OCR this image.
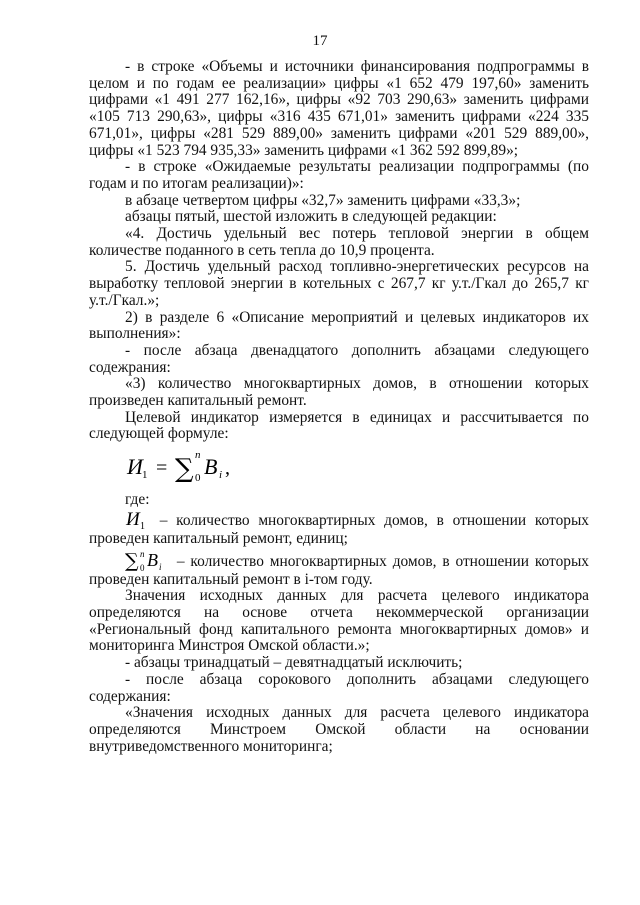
17

- в строке «Объемы и источники финансирования подпрограммы в целом и по годам ее реализации» цифры «1 652 479 197,60» заменить цифрами «1 491 277 162,16», цифры «92 703 290,63» заменить цифрами «105 713 290,63», цифры «316 435 671,01» заменить цифрами «224 335 671,01», цифры «281 529 889,00» заменить цифрами «201 529 889,00», цифры «1 523 794 935,33» заменить цифрами «1 362 592 899,89»;

- в строке «Ожидаемые результаты реализации подпрограммы (по годам и по итогам реализации)»:

в абзаце четвертом цифры «32,7» заменить цифрами «33,3»;

абзацы пятый, шестой изложить в следующей редакции:

«4. Достичь удельный вес потерь тепловой энергии в общем количестве поданного в сеть тепла до 10,9 процента.

5. Достичь удельный расход топливно-энергетических ресурсов на выработку тепловой энергии в котельных с 267,7 кг у.т./Гкал до 265,7 кг у.т./Гкал.»;

2) в разделе 6 «Описание мероприятий и целевых индикаторов их выполнения»:

- после абзаца двенадцатого дополнить абзацами следующего содежрания:

«3) количество многоквартирных домов, в отношении которых произведен капитальный ремонт.

Целевой индикатор измеряется в единицах и рассчитывается по следующей формуле:

И 1 = ∑ n
0 B i ,

где:

И 1 – количество многоквартирных домов, в отношении которых проведен капитальный ремонт, единиц;

∑ n
0 B i – количество многоквартирных домов, в отношении которых проведен капитальный ремонт в i-том году.

Значения исходных данных для расчета целевого индикатора определяются на основе отчета некоммерческой организации «Региональный фонд капитального ремонта многоквартирных домов» и мониторинга Минстроя Омской области.»;

- абзацы тринадцатый – девятнадцатый исключить;

- после абзаца сорокового дополнить абзацами следующего содержания:

«Значения исходных данных для расчета целевого индикатора определяются Минстроем Омской области на основании внутриведомственного мониторинга;
